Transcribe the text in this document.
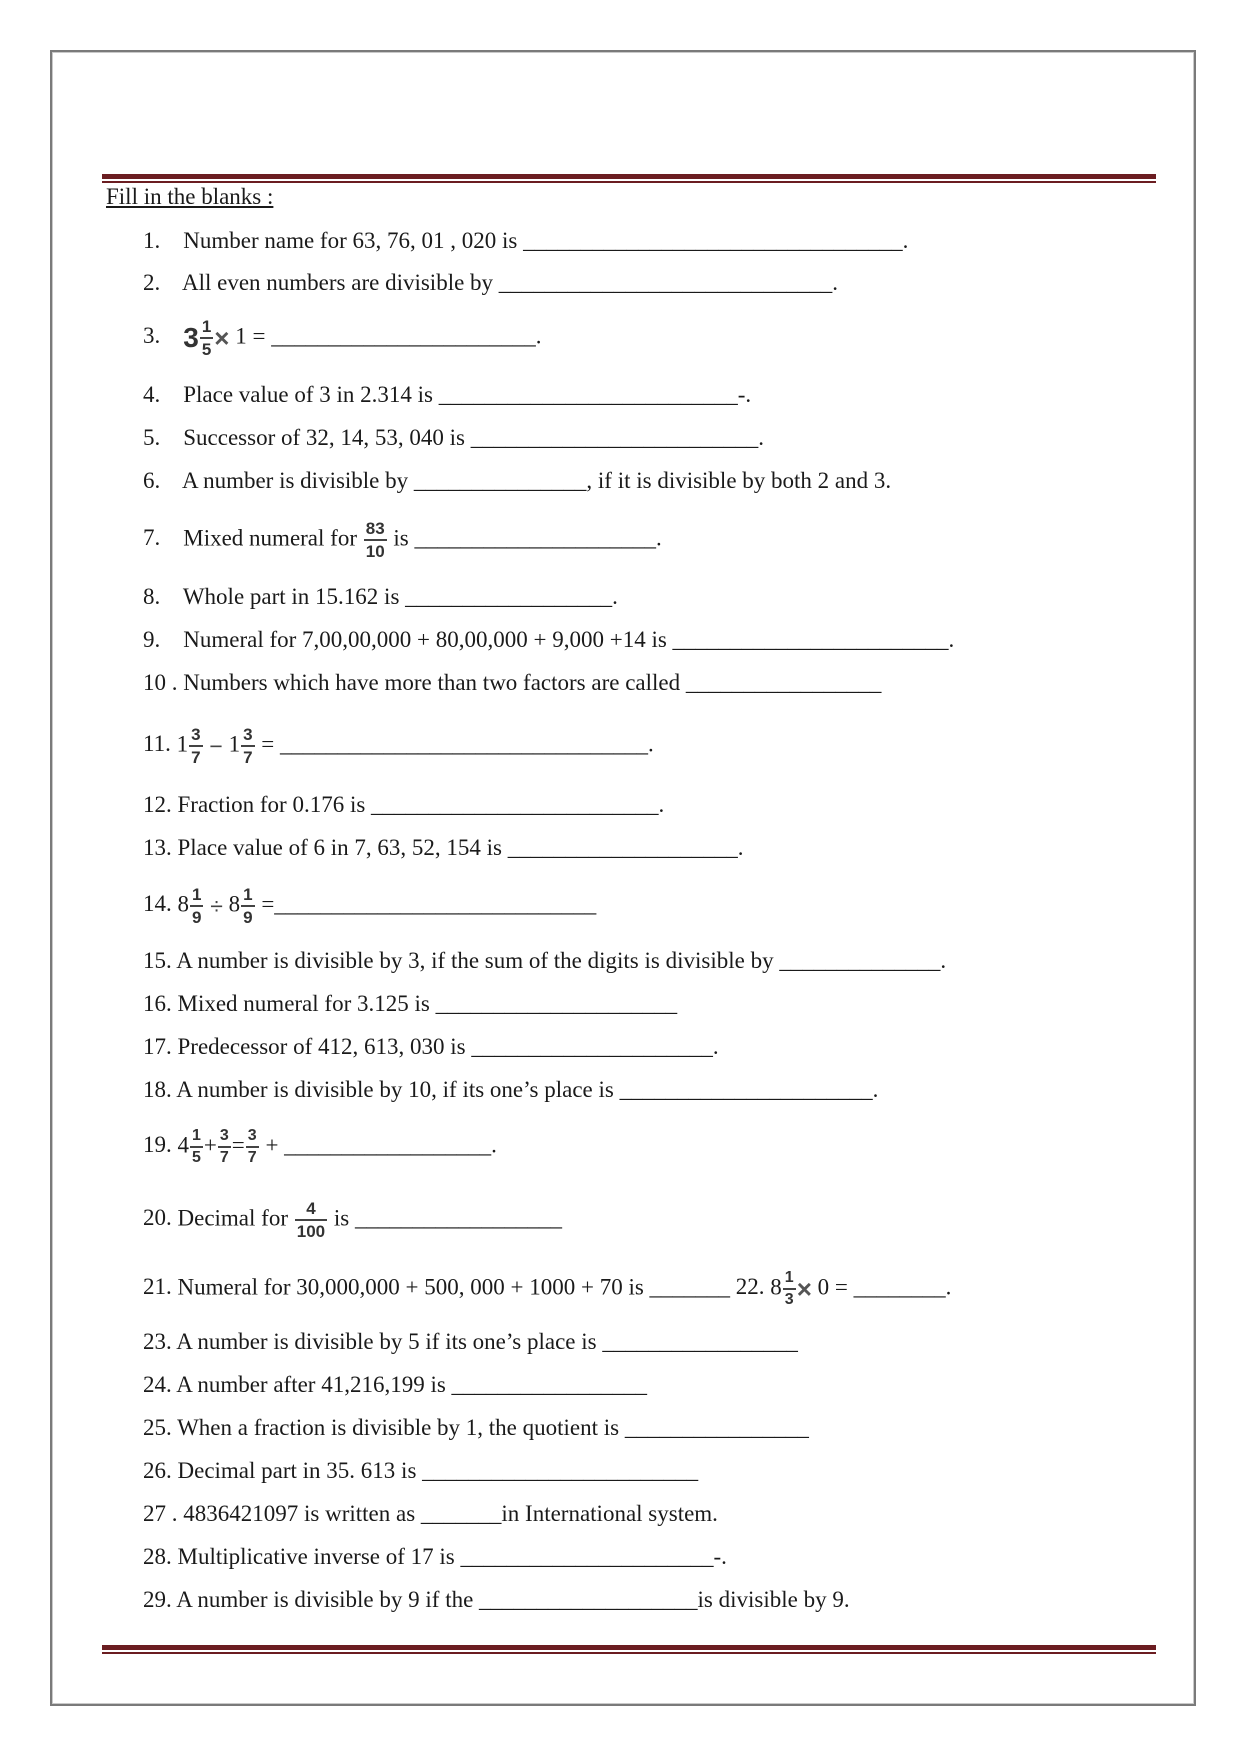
Fill in the blanks :
1. Number name for 63, 76, 01 , 020 is _________________________________.
2. All even numbers are divisible by _____________________________.
3. $3 \frac{1}{5} \times 1$ = _______________________.
4. Place value of 3 in 2.314 is __________________________-.
5. Successor of 32, 14, 53, 040 is _________________________.
6. A number is divisible by _______________, if it is divisible by both 2 and 3.
7. Mixed numeral for $\frac{83}{10}$ is _____________________.
8. Whole part in 15.162 is __________________.
9. Numeral for 7,00,00,000 + 80,00,000 + 9,000 +14 is ________________________.
10 . Numbers which have more than two factors are called _________________
11. $1 \frac{3}{7} - 1 \frac{3}{7}$ = ________________________________.
12. Fraction for 0.176 is _________________________.
13. Place value of 6 in 7, 63, 52, 154 is ____________________.
14. $8 \frac{1}{9} \div 8 \frac{1}{9}$ =____________________________
15. A number is divisible by 3, if the sum of the digits is divisible by ______________.
16. Mixed numeral for 3.125 is _____________________
17. Predecessor of 412, 613, 030 is _____________________.
18. A number is divisible by 10, if its one’s place is ______________________.
19. $4 \frac{1}{5} + \frac{3}{7} = \frac{3}{7}$ + __________________.
20. Decimal for $\frac{4}{100}$ is __________________
21. Numeral for 30,000,000 + 500, 000 + 1000 + 70 is _______ 22. $8 \frac{1}{3} \times 0$ = ________.
23. A number is divisible by 5 if its one’s place is _________________
24. A number after 41,216,199 is _________________
25. When a fraction is divisible by 1, the quotient is ________________
26. Decimal part in 35. 613 is ________________________
27 . 4836421097 is written as _______in International system.
28. Multiplicative inverse of 17 is ______________________-.
29. A number is divisible by 9 if the ___________________is divisible by 9.
